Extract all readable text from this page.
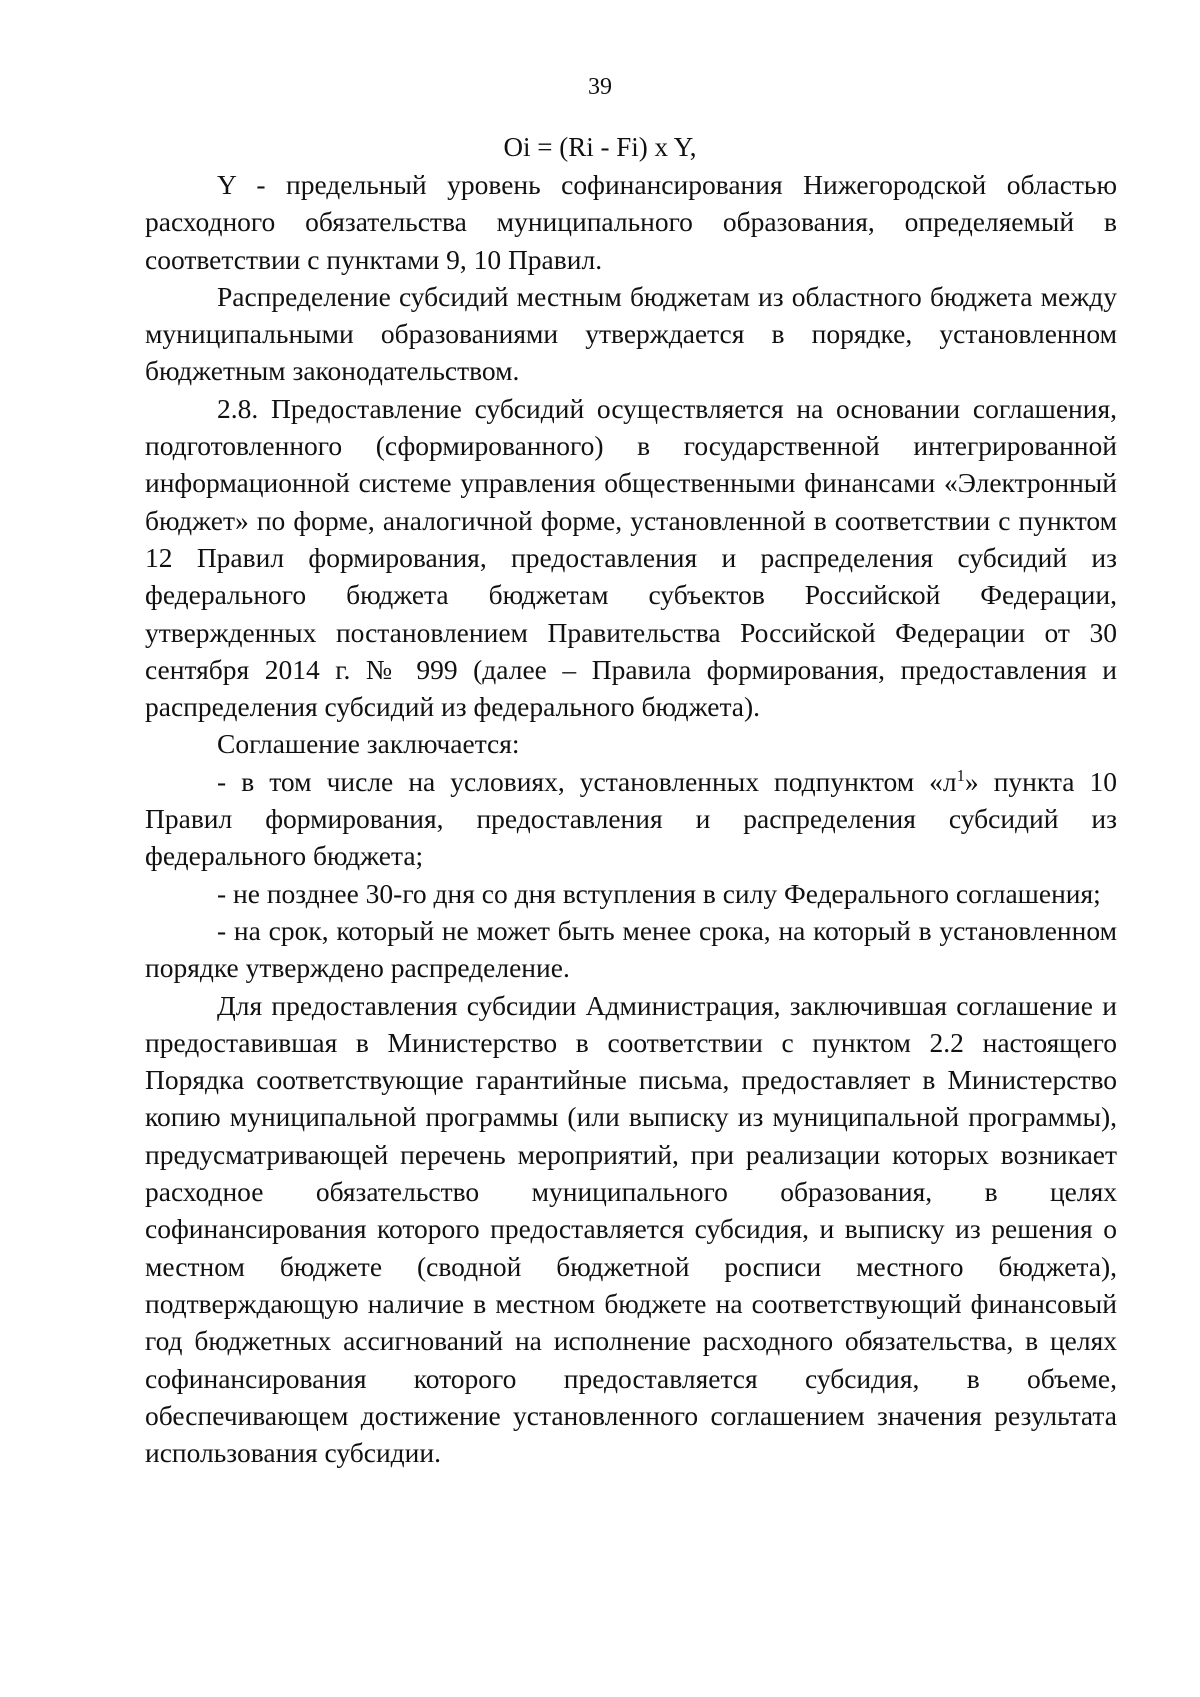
39

Oi = (Ri - Fi) x Y,

Y - предельный уровень софинансирования Нижегородской областью расходного обязательства муниципального образования, определяемый в соответствии с пунктами 9, 10 Правил.

Распределение субсидий местным бюджетам из областного бюджета между муниципальными образованиями утверждается в порядке, установленном бюджетным законодательством.

2.8. Предоставление субсидий осуществляется на основании соглашения, подготовленного (сформированного) в государственной интегрированной информационной системе управления общественными финансами «Электронный бюджет» по форме, аналогичной форме, установленной в соответствии с пунктом 12 Правил формирования, предоставления и распределения субсидий из федерального бюджета бюджетам субъектов Российской Федерации, утвержденных постановлением Правительства Российской Федерации от 30 сентября 2014 г. № 999 (далее – Правила формирования, предоставления и распределения субсидий из федерального бюджета).

Соглашение заключается:

- в том числе на условиях, установленных подпунктом «$л^1$» пункта 10 Правил формирования, предоставления и распределения субсидий из федерального бюджета;

- не позднее 30-го дня со дня вступления в силу Федерального соглашения;

- на срок, который не может быть менее срока, на который в установленном порядке утверждено распределение.

Для предоставления субсидии Администрация, заключившая соглашение и предоставившая в Министерство в соответствии с пунктом 2.2 настоящего Порядка соответствующие гарантийные письма, предоставляет в Министерство копию муниципальной программы (или выписку из муниципальной программы), предусматривающей перечень мероприятий, при реализации которых возникает расходное обязательство муниципального образования, в целях софинансирования которого предоставляется субсидия, и выписку из решения о местном бюджете (сводной бюджетной росписи местного бюджета), подтверждающую наличие в местном бюджете на соответствующий финансовый год бюджетных ассигнований на исполнение расходного обязательства, в целях софинансирования которого предоставляется субсидия, в объеме, обеспечивающем достижение установленного соглашением значения результата использования субсидии.
